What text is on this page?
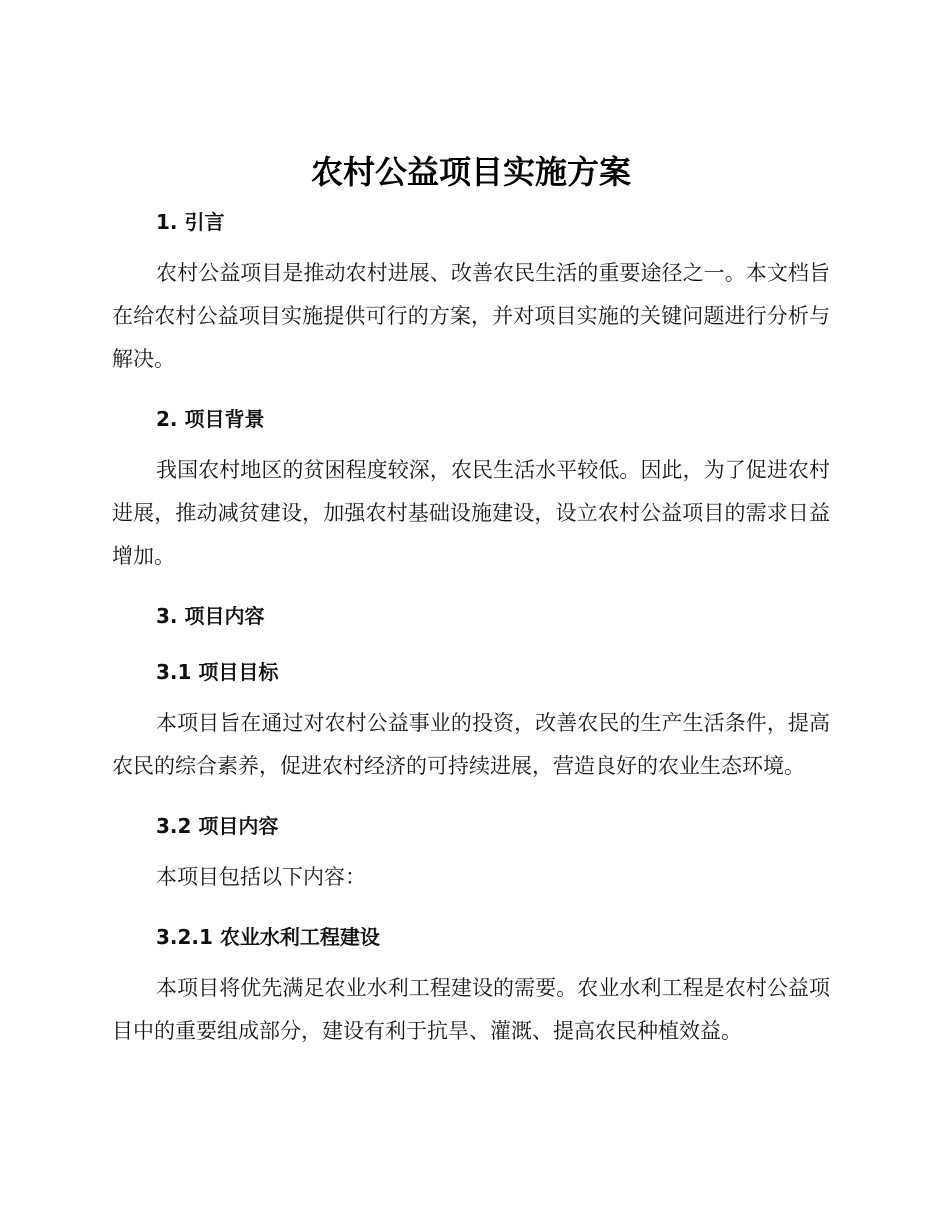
农村公益项目实施方案
1. 引言

农村公益项目是推动农村进展、改善农民生活的重要途径之一。本文档旨在给农村公益项目实施提供可行的方案，并对项目实施的关键问题进行分析与解决。

2. 项目背景

我国农村地区的贫困程度较深，农民生活水平较低。因此，为了促进农村进展，推动减贫建设，加强农村基础设施建设，设立农村公益项目的需求日益增加。

3. 项目内容
3.1 项目目标

本项目旨在通过对农村公益事业的投资，改善农民的生产生活条件，提高农民的综合素养，促进农村经济的可持续进展，营造良好的农业生态环境。

3.2 项目内容

本项目包括以下内容：

3.2.1 农业水利工程建设

本项目将优先满足农业水利工程建设的需要。农业水利工程是农村公益项目中的重要组成部分，建设有利于抗旱、灌溉、提高农民种植效益。
